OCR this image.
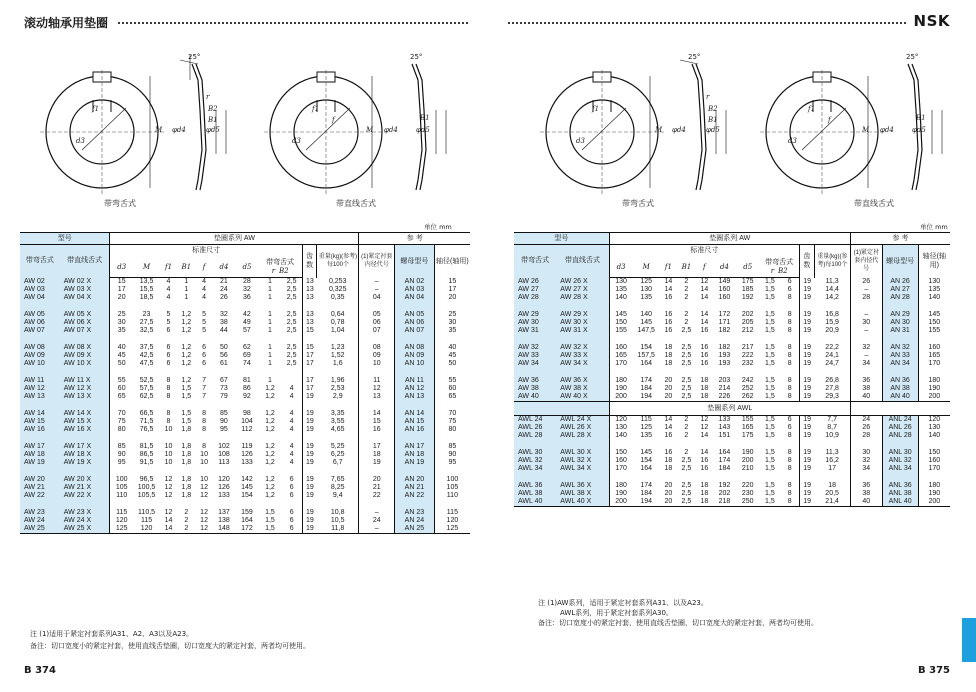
滚动轴承用垫圈
25°
r
B2
B1
f1
d3
M φd4	φd5
带弯舌式
25°
f1
f	B1
d3
M φd4	φd5
带直线舌式
单位 mm
型号		垫圈系列 AW											参 考		
带弯舌式	带直线舌式	标准尺寸									齿数	重量(kg)(参考)每100个	(1)紧定衬套内径代号	螺母型号	轴径(轴用)
		d3	M	f1	B1	f	d4	d5	带弯舌式
r B2						
AW 02	AW 02 X	15	13,5	4	1	4	21	28	1	2,5	13	0,253	–	AN 02	15
AW 03	AW 03 X	17	15,5	4	1	4	24	32	1	2,5	13	0,325	–	AN 03	17
AW 04	AW 04 X	20	18,5	4	1	4	26	36	1	2,5	13	0,35	04	AN 04	20

AW 05	AW 05 X	25	23	5	1,2	5	32	42	1	2,5	13	0,64	05	AN 05	25
AW 06	AW 06 X	30	27,5	5	1,2	5	38	49	1	2,5	13	0,78	06	AN 06	30
AW 07	AW 07 X	35	32,5	6	1,2	5	44	57	1	2,5	15	1,04	07	AN 07	35

AW 08	AW 08 X	40	37,5	6	1,2	6	50	62	1	2,5	15	1,23	08	AN 08	40
AW 09	AW 09 X	45	42,5	6	1,2	6	56	69	1	2,5	17	1,52	09	AN 09	45
AW 10	AW 10 X	50	47,5	6	1,2	6	61	74	1	2,5	17	1,6	10	AN 10	50

AW 11	AW 11 X	55	52,5	8	1,2	7	67	81	1		17	1,96	11	AN 11	55
AW 12	AW 12 X	60	57,5	8	1,5	7	73	86	1,2	4	17	2,53	12	AN 12	60
AW 13	AW 13 X	65	62,5	8	1,5	7	79	92	1,2	4	19	2,9	13	AN 13	65

AW 14	AW 14 X	70	66,5	8	1,5	8	85	98	1,2	4	19	3,35	14	AN 14	70
AW 15	AW 15 X	75	71,5	8	1,5	8	90	104	1,2	4	19	3,55	15	AN 15	75
AW 16	AW 16 X	80	76,5	10	1,8	8	95	112	1,2	4	19	4,65	16	AN 16	80

AW 17	AW 17 X	85	81,5	10	1,8	8	102	119	1,2	4	19	5,25	17	AN 17	85
AW 18	AW 18 X	90	86,5	10	1,8	10	108	126	1,2	4	19	6,25	18	AN 18	90
AW 19	AW 19 X	95	91,5	10	1,8	10	113	133	1,2	4	19	6,7	19	AN 19	95

AW 20	AW 20 X	100	96,5	12	1,8	10	120	142	1,2	6	19	7,65	20	AN 20	100
AW 21	AW 21 X	105	100,5	12	1,8	12	126	145	1,2	6	19	8,25	21	AN 21	105
AW 22	AW 22 X	110	105,5	12	1,8	12	133	154	1,2	6	19	9,4	22	AN 22	110

AW 23	AW 23 X	115	110,5	12	2	12	137	159	1,5	6	19	10,8	–	AN 23	115
AW 24	AW 24 X	120	115	14	2	12	138	164	1,5	6	19	10,5	24	AN 24	120
AW 25	AW 25 X	125	120	14	2	12	148	172	1,5	6	19	11,8	–	AN 25	125
注 (1)适用于紧定衬套系列A31、A2、A3以及A23。
备注：切口宽度小的紧定衬套，使用直线舌垫圈，切口宽度大的紧定衬套，两者均可使用。
B 374
NSK
25°
r
B2
B1
f1
d3
M φd4	φd5
带弯舌式
25°
f1
f	B1
d3
M φd4	φd5
带直线舌式
单位 mm
型号		垫圈系列 AW											参 考		
带弯舌式	带直线舌式	标准尺寸									齿数	重量(kg)(参考)每100个	(1)紧定衬套内径代号	螺母型号	轴径(轴用)
		d3	M	f1	B1	f	d4	d5	带弯舌式
r B2						
AW 26	AW 26 X	130	125	14	2	12	149	175	1,5	6	19	11,3	26	AN 26	130
AW 27	AW 27 X	135	130	14	2	14	160	185	1,5	6	19	14,4	–	AN 27	135
AW 28	AW 28 X	140	135	16	2	14	160	192	1,5	8	19	14,2	28	AN 28	140

AW 29	AW 29 X	145	140	16	2	14	172	202	1,5	8	19	16,8	–	AN 29	145
AW 30	AW 30 X	150	145	16	2	14	171	205	1,5	8	19	15,9	30	AN 30	150
AW 31	AW 31 X	155	147,5	16	2,5	16	182	212	1,5	8	19	20,9	–	AN 31	155

AW 32	AW 32 X	160	154	18	2,5	16	182	217	1,5	8	19	22,2	32	AN 32	160
AW 33	AW 33 X	165	157,5	18	2,5	16	193	222	1,5	8	19	24,1	–	AN 33	165
AW 34	AW 34 X	170	164	18	2,5	16	193	232	1,5	8	19	24,7	34	AN 34	170

AW 36	AW 36 X	180	174	20	2,5	18	203	242	1,5	8	19	26,8	36	AN 36	180
AW 38	AW 38 X	190	184	20	2,5	18	214	252	1,5	8	19	27,8	38	AN 38	190
AW 40	AW 40 X	200	194	20	2,5	18	226	262	1,5	8	19	29,3	40	AN 40	200
		垫圈系列 AWL													
AWL 24	AWL 24 X	120	115	14	2	12	133	155	1,5	6	19	7,7	24	ANL 24	120
AWL 26	AWL 26 X	130	125	14	2	12	143	165	1,5	6	19	8,7	26	ANL 26	130
AWL 28	AWL 28 X	140	135	16	2	14	151	175	1,5	8	19	10,9	28	ANL 28	140

AWL 30	AWL 30 X	150	145	16	2	14	164	190	1,5	8	19	11,3	30	ANL 30	150
AWL 32	AWL 32 X	160	154	18	2,5	16	174	200	1,5	8	19	16,2	32	ANL 32	160
AWL 34	AWL 34 X	170	164	18	2,5	16	184	210	1,5	8	19	17	34	ANL 34	170

AWL 36	AWL 36 X	180	174	20	2,5	18	192	220	1,5	8	19	18	36	ANL 36	180
AWL 38	AWL 38 X	190	184	20	2,5	18	202	230	1,5	8	19	20,5	38	ANL 38	190
AWL 40	AWL 40 X	200	194	20	2,5	18	218	250	1,5	8	19	21,4	40	ANL 40	200
注 (1)AW系列，适用于紧定衬套系列A31、以及A23。
AWL系列，用于紧定衬套系列A30。
备注：切口宽度小的紧定衬套，使用直线舌垫圈，切口宽度大的紧定衬套，两者均可使用。
B 375
